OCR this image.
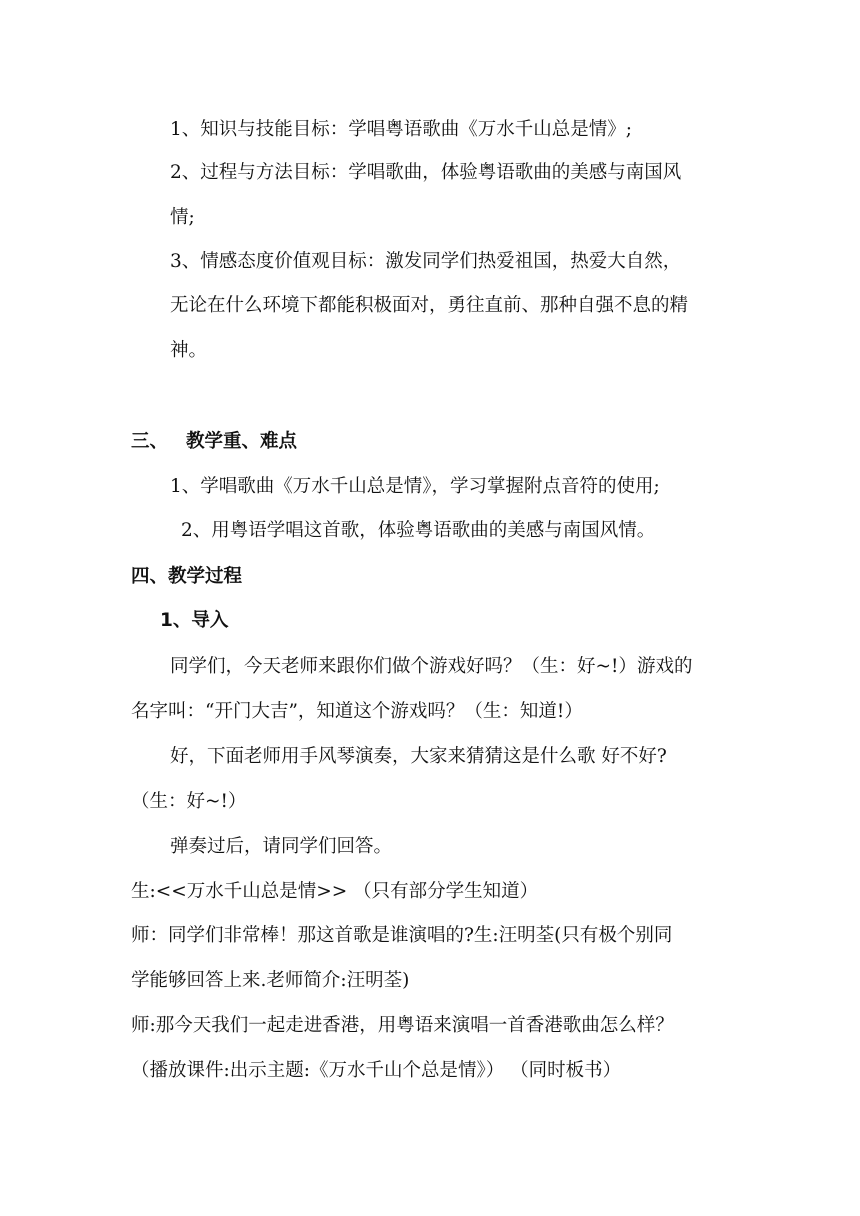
1、知识与技能目标：学唱粤语歌曲《万水千山总是情》;
2、过程与方法目标：学唱歌曲，体验粤语歌曲的美感与南国风
情;
3、情感态度价值观目标：激发同学们热爱祖国，热爱大自然，
无论在什么环境下都能积极面对，勇往直前、那种自强不息的精
神。
三、 教学重、难点
1、学唱歌曲《万水千山总是情》，学习掌握附点音符的使用;
2、用粤语学唱这首歌，体验粤语歌曲的美感与南国风情。
四、教学过程
1、导入
同学们，今天老师来跟你们做个游戏好吗？（生：好~!）游戏的
名字叫：“开门大吉”，知道这个游戏吗？（生：知道!）
好，下面老师用手风琴演奏，大家来猜猜这是什么歌 好不好?
（生：好~!）
弹奏过后，请同学们回答。
生:<<万水千山总是情>> （只有部分学生知道）
师：同学们非常棒！那这首歌是谁演唱的?生:汪明荃(只有极个别同
学能够回答上来.老师简介:汪明荃)
师:那今天我们一起走进香港，用粤语来演唱一首香港歌曲怎么样？
（播放课件:出示主题:《万水千山个总是情》） （同时板书）
